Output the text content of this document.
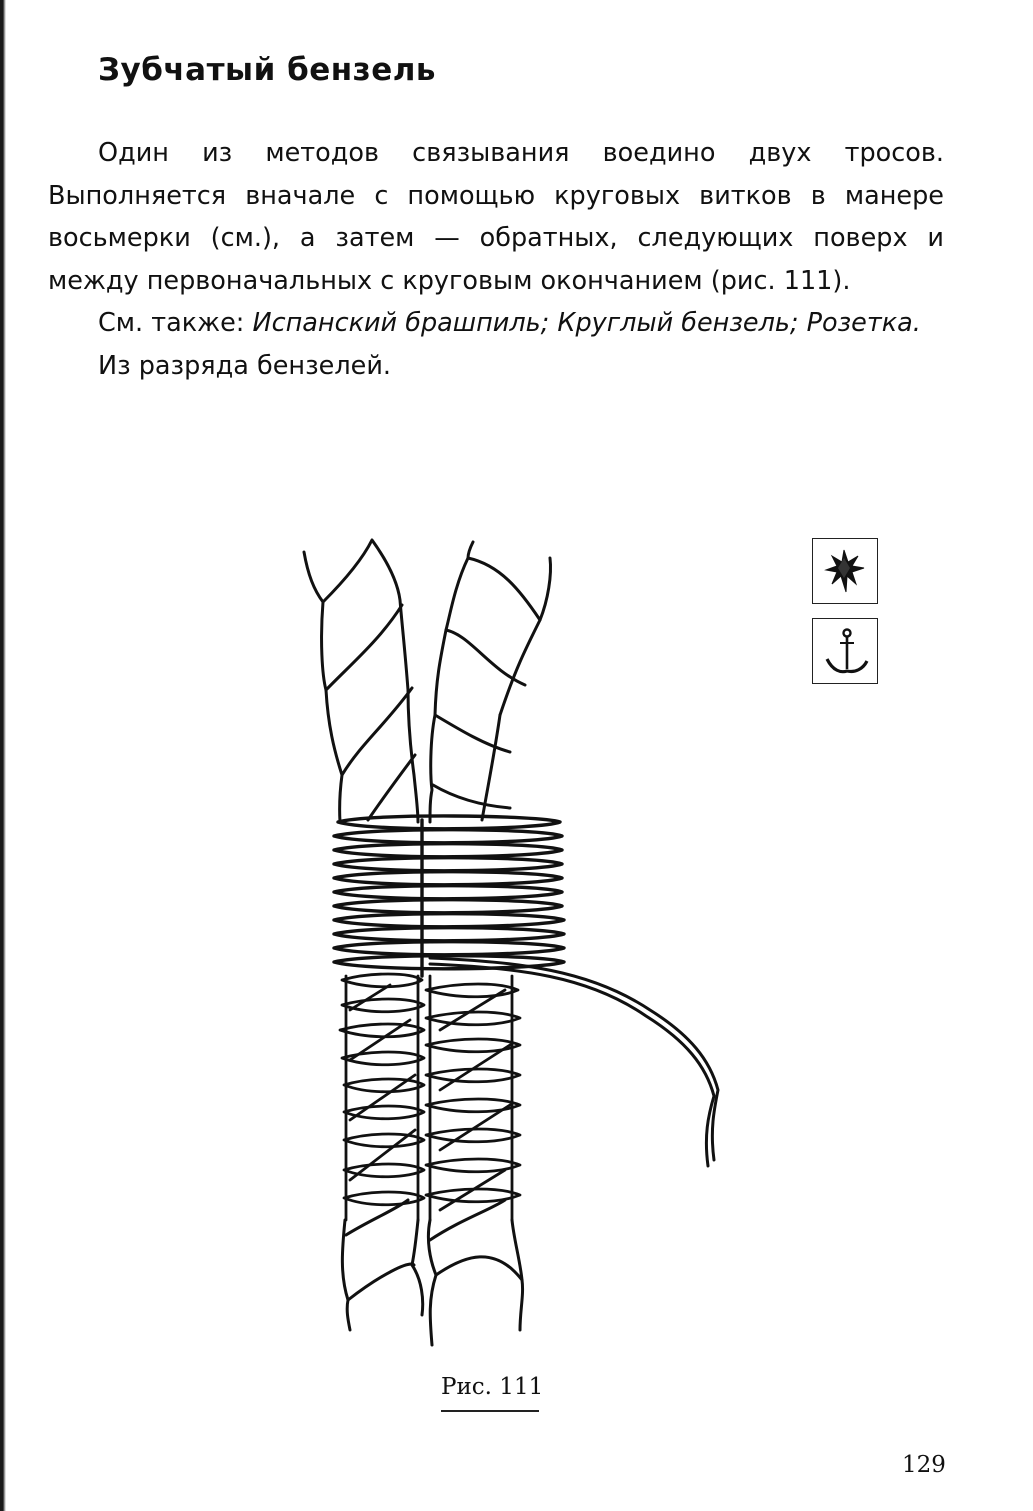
Зубчатый бензель

Один из методов связывания воедино двух тросов. Выполняется вначале с помощью круговых витков в манере восьмерки (см.), а затем — обратных, следующих поверх и между первоначальных с круговым окончанием (рис. 111).

См. также: Испанский брашпиль; Круглый бензель; Розетка.

Из разряда бензелей.

Рис. 111
129
